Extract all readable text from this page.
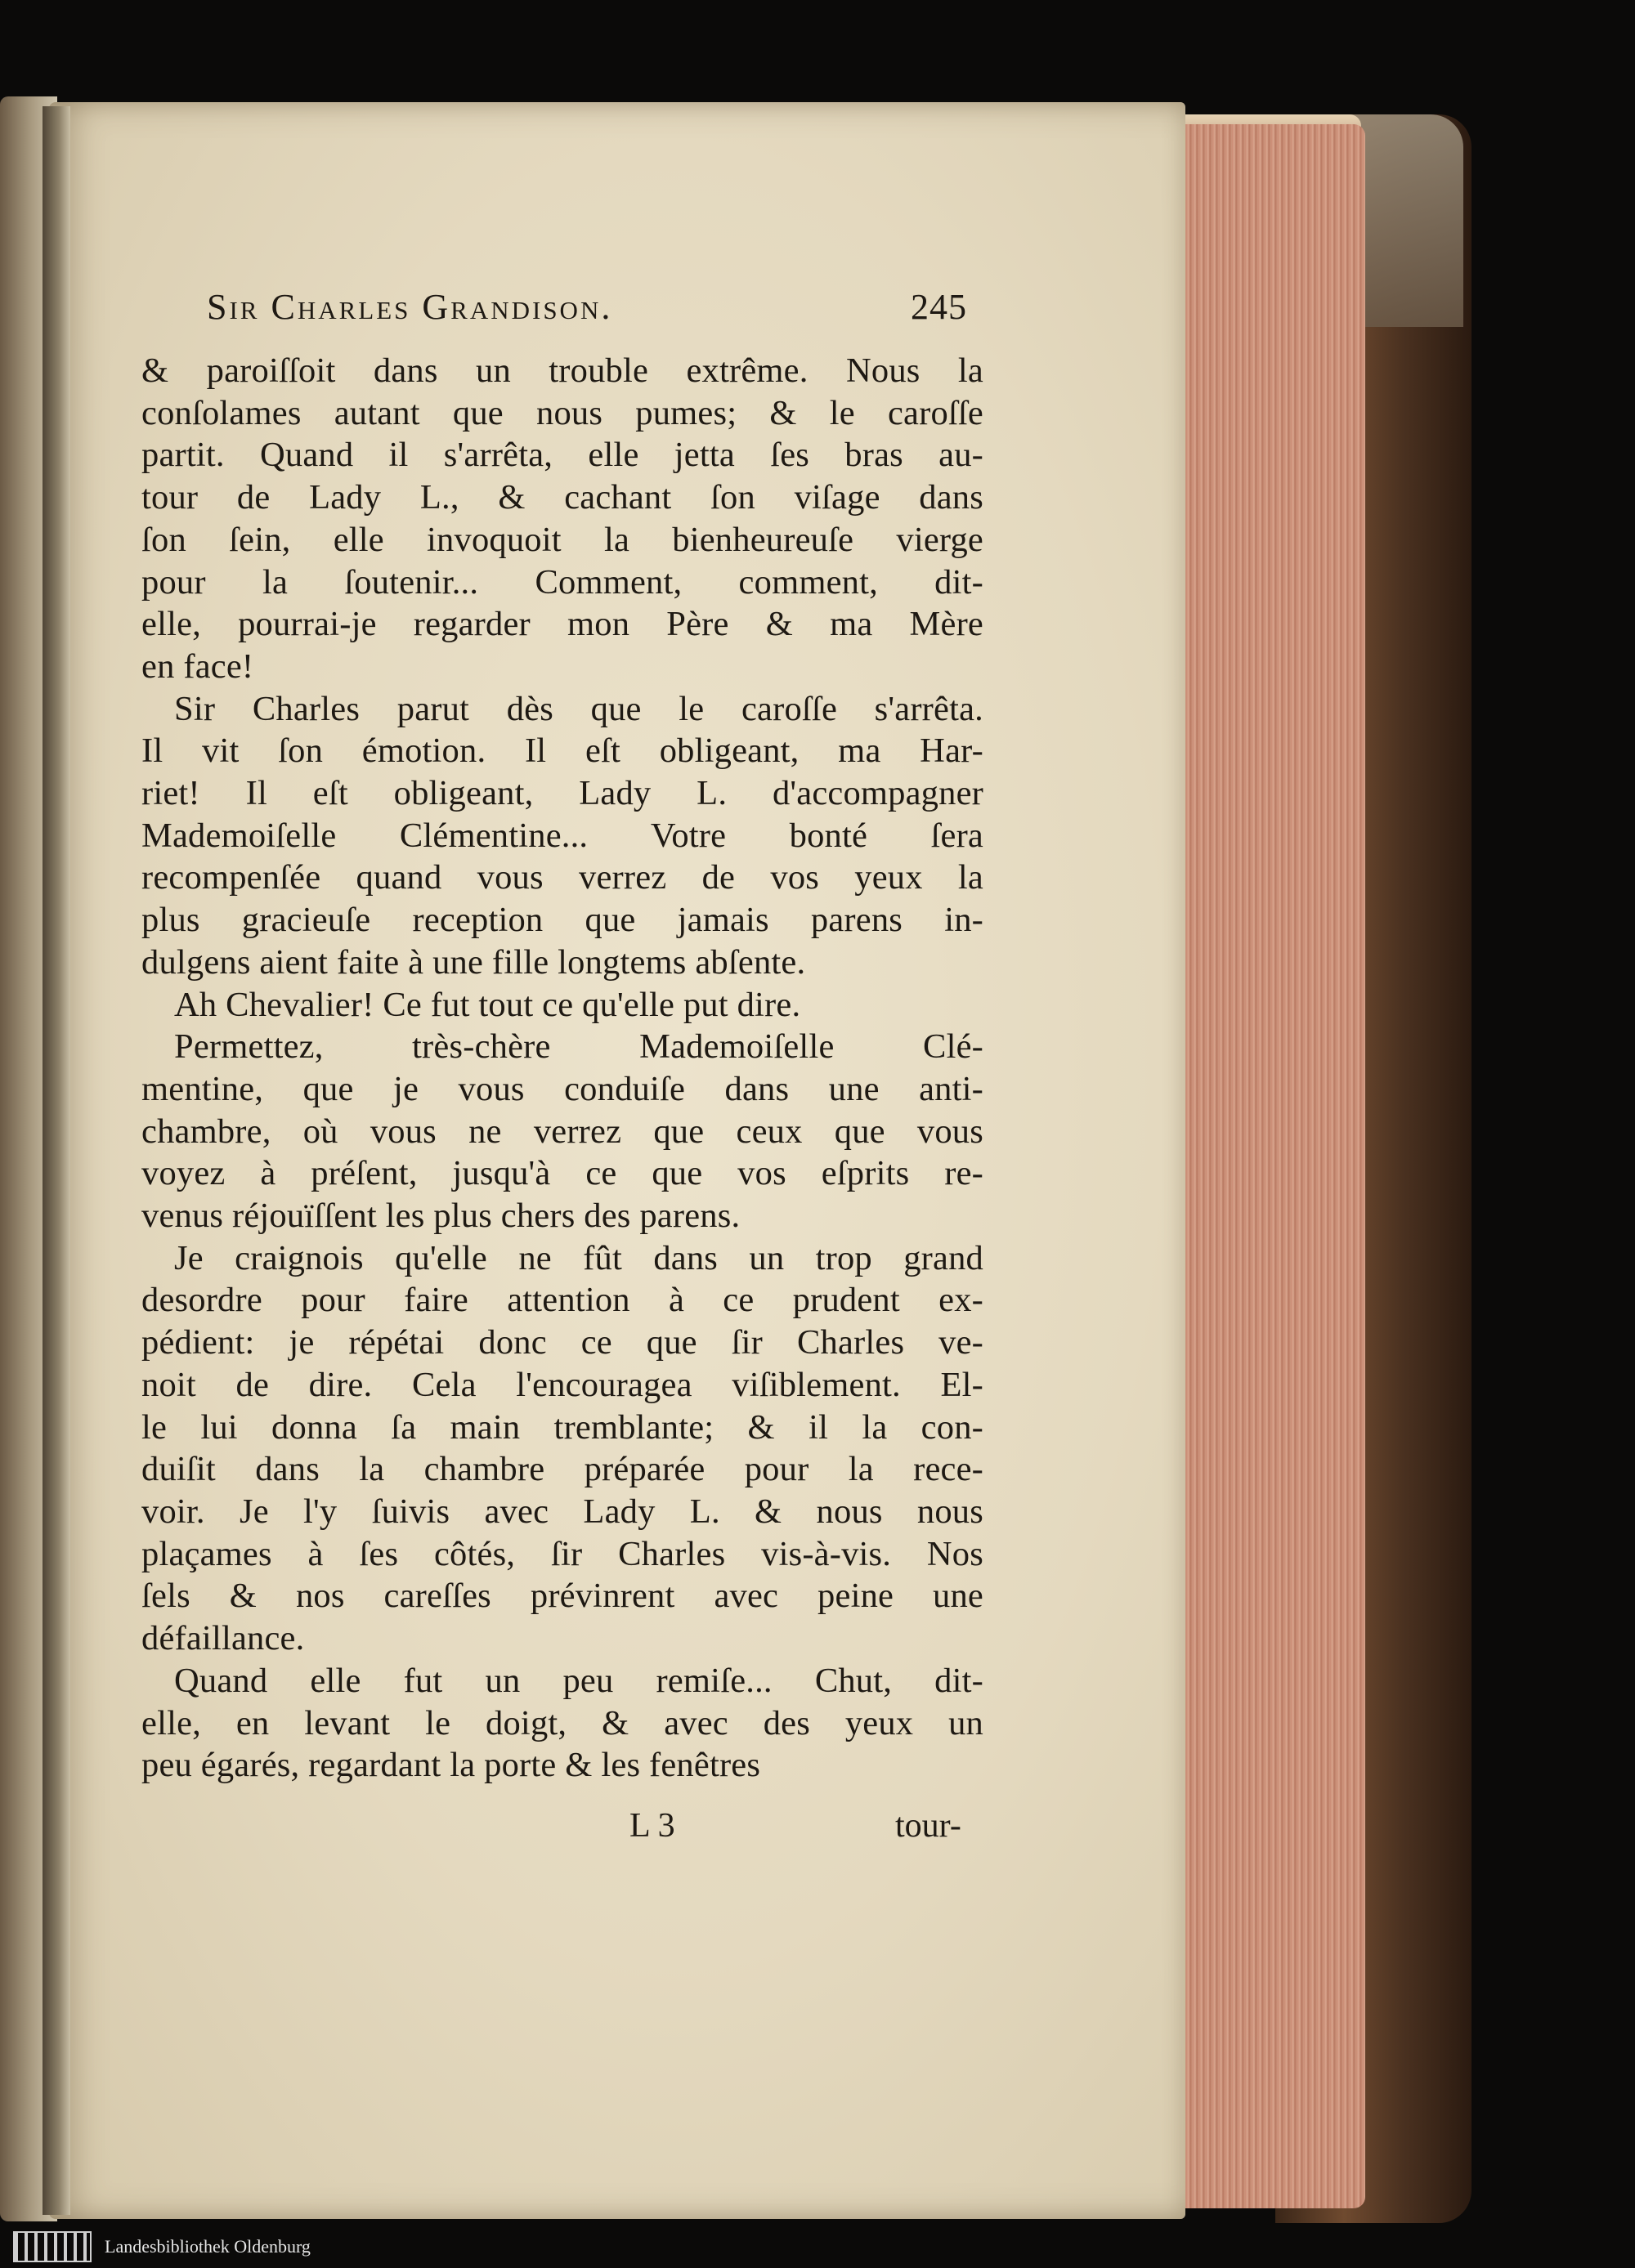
Sir Charles Grandison.	245
& paroiſſoit dans un trouble extrême. Nous la
conſolames autant que nous pumes; & le caroſſe
partit. Quand il s'arrêta, elle jetta ſes bras au-
tour de Lady L., & cachant ſon viſage dans
ſon ſein, elle invoquoit la bienheureuſe vierge
pour la ſoutenir... Comment, comment, dit-
elle, pourrai-je regarder mon Père & ma Mère
en face!
Sir Charles parut dès que le caroſſe s'arrêta.
Il vit ſon émotion. Il eſt obligeant, ma Har-
riet! Il eſt obligeant, Lady L. d'accompagner
Mademoiſelle Clémentine... Votre bonté ſera
recompenſée quand vous verrez de vos yeux la
plus gracieuſe reception que jamais parens in-
dulgens aient faite à une fille longtems abſente.
Ah Chevalier! Ce fut tout ce qu'elle put dire.
Permettez, très-chère Mademoiſelle Clé-
mentine, que je vous conduiſe dans une anti-
chambre, où vous ne verrez que ceux que vous
voyez à préſent, jusqu'à ce que vos eſprits re-
venus réjouïſſent les plus chers des parens.
Je craignois qu'elle ne fût dans un trop grand
desordre pour faire attention à ce prudent ex-
pédient: je répétai donc ce que ſir Charles ve-
noit de dire. Cela l'encouragea viſiblement. El-
le lui donna ſa main tremblante; & il la con-
duiſit dans la chambre préparée pour la rece-
voir. Je l'y ſuivis avec Lady L. & nous nous
plaçames à ſes côtés, ſir Charles vis-à-vis. Nos
ſels & nos careſſes prévinrent avec peine une
défaillance.
Quand elle fut un peu remiſe... Chut, dit-
elle, en levant le doigt, & avec des yeux un
peu égarés, regardant la porte & les fenêtres
L 3	tour-
Landesbibliothek Oldenburg
